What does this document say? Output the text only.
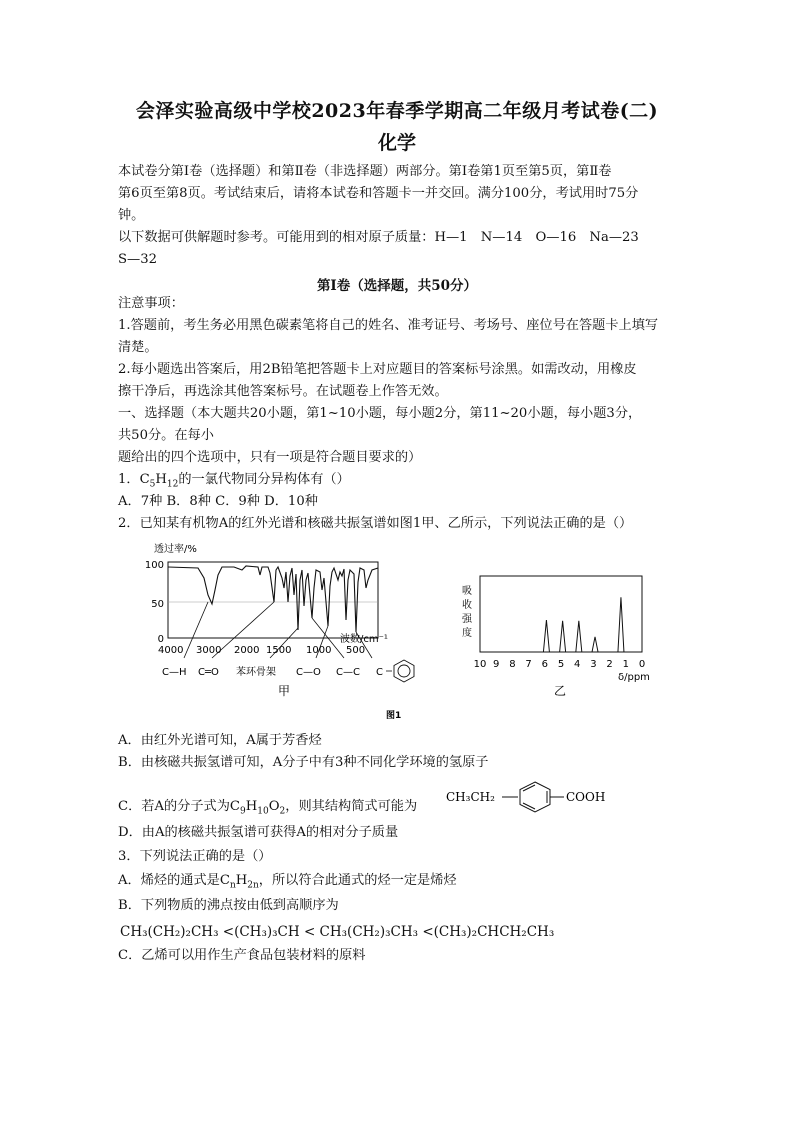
会泽实验高级中学校2023年春季学期高二年级月考试卷(二)
化学
本试卷分第Ⅰ卷（选择题）和第Ⅱ卷（非选择题）两部分。第Ⅰ卷第1页至第5页，第Ⅱ卷
第6页至第8页。考试结束后，请将本试卷和答题卡一并交回。满分100分，考试用时75分
钟。
以下数据可供解题时参考。可能用到的相对原子质量：H—1　N—14　O—16　Na—23
S—32
第Ⅰ卷（选择题，共50分）
注意事项：
1.答题前，考生务必用黑色碳素笔将自己的姓名、准考证号、考场号、座位号在答题卡上填写
清楚。
2.每小题选出答案后，用2B铅笔把答题卡上对应题目的答案标号涂黑。如需改动，用橡皮
擦干净后，再选涂其他答案标号。在试题卷上作答无效。
一、选择题（本大题共20小题，第1~10小题，每小题2分，第11~20小题，每小题3分，
共50分。在每小
题给出的四个选项中，只有一项是符合题目要求的）
1．$C_5H_{12}$的一氯代物同分异构体有（）
A．7种 B．8种 C．9种 D．10种
2．已知某有机物A的红外光谱和核磁共振氢谱如图1甲、乙所示，下列说法正确的是（）
透过率/%
100
50
0
4000 3000 2000 1500 1000 500
波数/cm⁻¹
C—H C═O 苯环骨架 C—O C—C C
甲
吸
收
强
度
10 9 8 7 6 5 4 3 2 1 0
δ/ppm
乙
图1
A．由红外光谱可知，A属于芳香烃
B．由核磁共振氢谱可知，A分子中有3种不同化学环境的氢原子
C．若A的分子式为$C_9H_{10}O_2$，则其结构简式可能为
CH₃CH₂	COOH
D．由A的核磁共振氢谱可获得A的相对分子质量
3．下列说法正确的是（）
A．烯烃的通式是$C_nH_{2n}$，所以符合此通式的烃一定是烯烃
B．下列物质的沸点按由低到高顺序为
CH₃(CH₂)₂CH₃ <(CH₃)₃CH < CH₃(CH₂)₃CH₃ <(CH₃)₂CHCH₂CH₃
C．乙烯可以用作生产食品包装材料的原料
